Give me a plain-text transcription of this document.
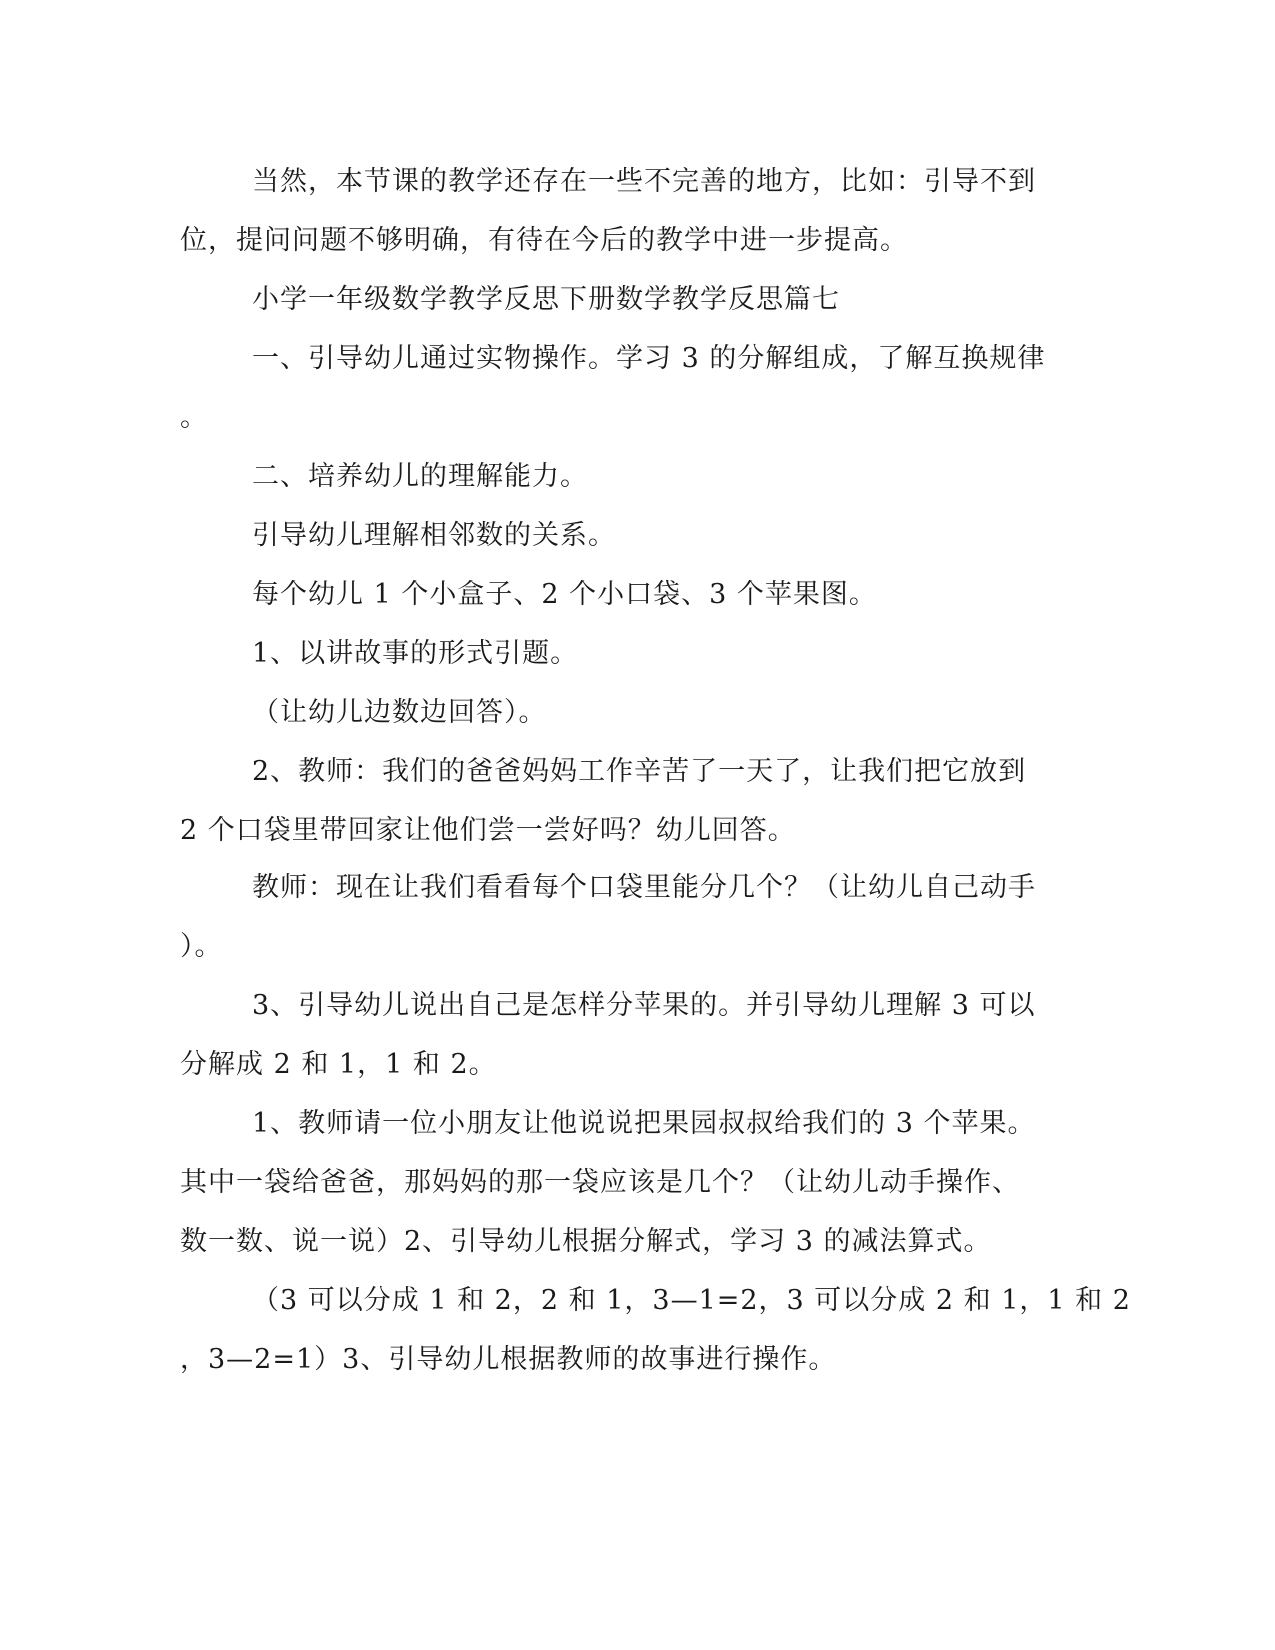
当然，本节课的教学还存在一些不完善的地方，比如：引导不到
位，提问问题不够明确，有待在今后的教学中进一步提高。
小学一年级数学教学反思下册数学教学反思篇七
一、引导幼儿通过实物操作。学习 3 的分解组成，了解互换规律
。
二、培养幼儿的理解能力。
引导幼儿理解相邻数的关系。
每个幼儿 1 个小盒子、2 个小口袋、3 个苹果图。
1、以讲故事的形式引题。
（让幼儿边数边回答）。
2、教师：我们的爸爸妈妈工作辛苦了一天了，让我们把它放到
2 个口袋里带回家让他们尝一尝好吗？幼儿回答。
教师：现在让我们看看每个口袋里能分几个？（让幼儿自己动手
）。
3、引导幼儿说出自己是怎样分苹果的。并引导幼儿理解 3 可以
分解成 2 和 1，1 和 2。
1、教师请一位小朋友让他说说把果园叔叔给我们的 3 个苹果。
其中一袋给爸爸，那妈妈的那一袋应该是几个？（让幼儿动手操作、
数一数、说一说）2、引导幼儿根据分解式，学习 3 的减法算式。
（3 可以分成 1 和 2，2 和 1，3—1=2，3 可以分成 2 和 1，1 和 2
，3—2=1）3、引导幼儿根据教师的故事进行操作。
